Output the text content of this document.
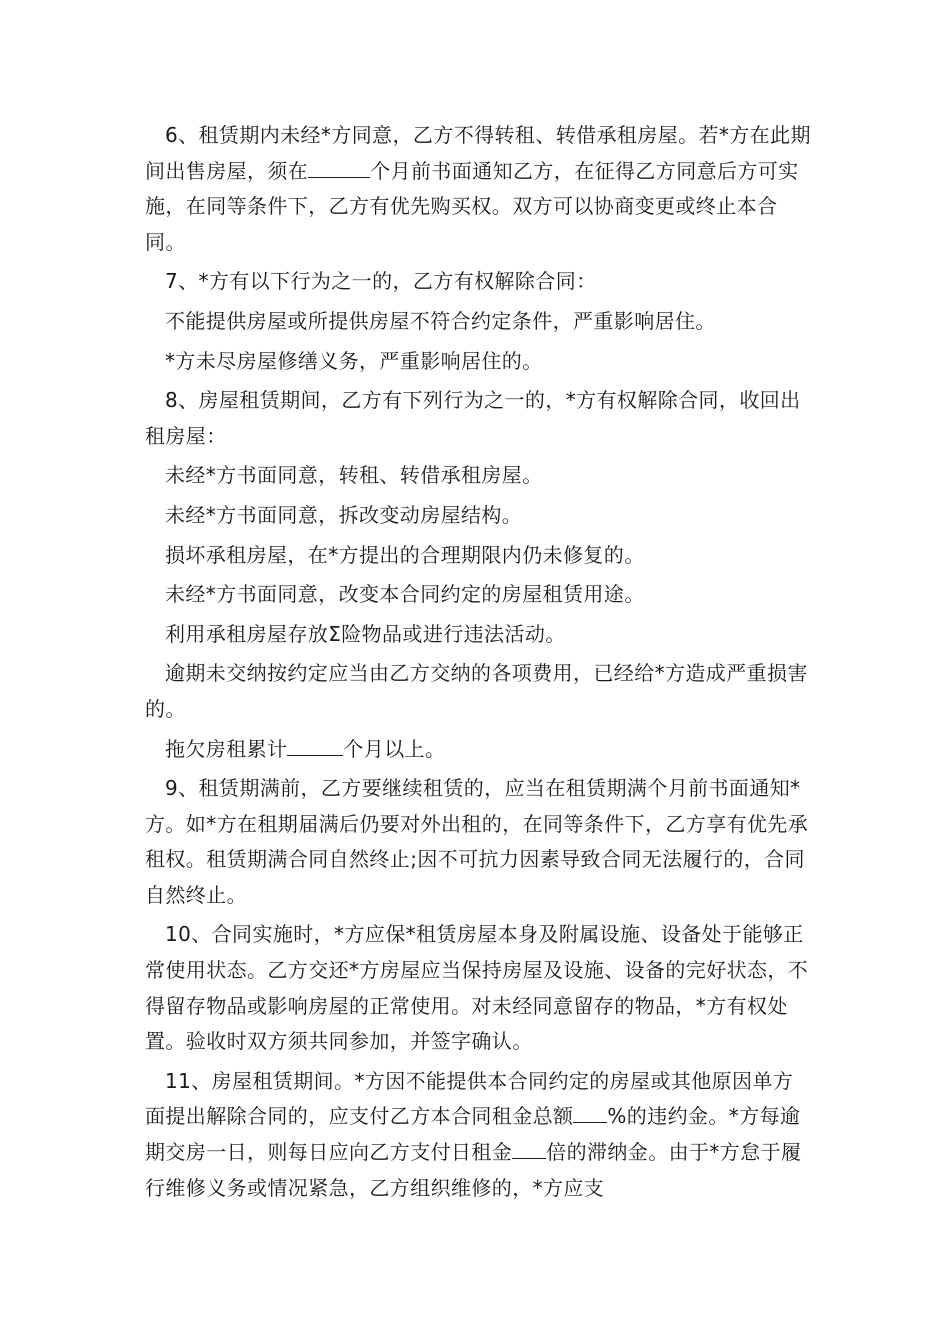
6、租赁期内未经*方同意，乙方不得转租、转借承租房屋。若*方在此期间出售房屋，须在	个月前书面通知乙方，在征得乙方同意后方可实施，在同等条件下，乙方有优先购买权。双方可以协商变更或终止本合同。

7、*方有以下行为之一的，乙方有权解除合同：

不能提供房屋或所提供房屋不符合约定条件，严重影响居住。

*方未尽房屋修缮义务，严重影响居住的。

8、房屋租赁期间，乙方有下列行为之一的，*方有权解除合同，收回出租房屋：

未经*方书面同意，转租、转借承租房屋。

未经*方书面同意，拆改变动房屋结构。

损坏承租房屋，在*方提出的合理期限内仍未修复的。

未经*方书面同意，改变本合同约定的房屋租赁用途。

利用承租房屋存放Σ险物品或进行违法活动。

逾期未交纳按约定应当由乙方交纳的各项费用，已经给*方造成严重损害的。

拖欠房租累计	个月以上。

9、租赁期满前，乙方要继续租赁的，应当在租赁期满个月前书面通知*方。如*方在租期届满后仍要对外出租的，在同等条件下，乙方享有优先承租权。租赁期满合同自然终止;因不可抗力因素导致合同无法履行的，合同自然终止。

10、合同实施时，*方应保*租赁房屋本身及附属设施、设备处于能够正常使用状态。乙方交还*方房屋应当保持房屋及设施、设备的完好状态，不得留存物品或影响房屋的正常使用。对未经同意留存的物品，*方有权处置。验收时双方须共同参加，并签字确认。

11、房屋租赁期间。*方因不能提供本合同约定的房屋或其他原因单方面提出解除合同的，应支付乙方本合同租金总额 %的违约金。*方每逾期交房一日，则每日应向乙方支付日租金 倍的滞纳金。由于*方怠于履行维修义务或情况紧急，乙方组织维修的，*方应支
